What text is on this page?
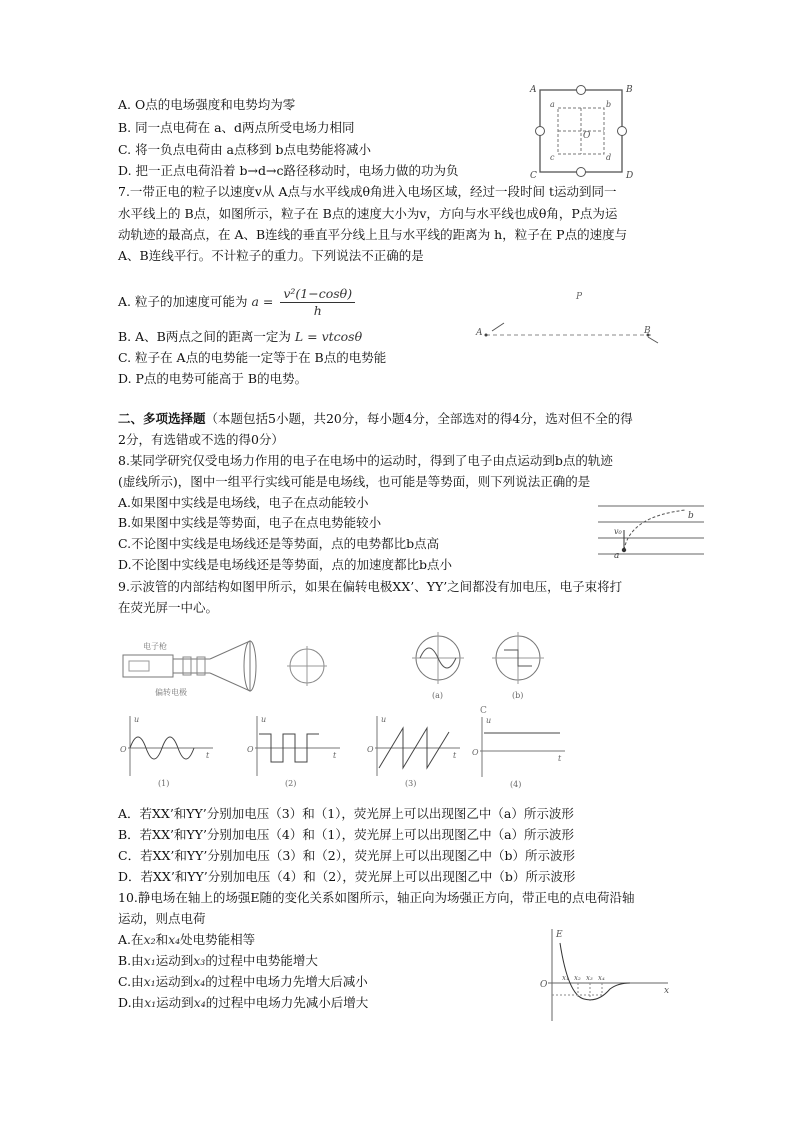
A. O点的电场强度和电势均为零
B. 同一点电荷在 a、d两点所受电场力相同
C. 将一负点电荷由 a点移到 b点电势能将减小
D. 把一正点电荷沿着 b→d→c路径移动时，电场力做的功为负
A	B
C	D
a	b
c	d
O
7.一带正电的粒子以速度v从 A点与水平线成θ角进入电场区域，经过一段时间 t运动到同一
水平线上的 B点，如图所示，粒子在 B点的速度大小为v，方向与水平线也成θ角，P点为运
动轨迹的最高点，在 A、B连线的垂直平分线上且与水平线的距离为 h，粒子在 P点的速度与
A、B连线平行。不计粒子的重力。下列说法不正确的是
A. 粒子的加速度可能为 $a = \frac{\text{v²(1−cosθ)}}{h}$
B. A、B两点之间的距离一定为 L = vtcosθ
C. 粒子在 A点的电势能一定等于在 B点的电势能
D. P点的电势可能高于 B的电势。
P
A	B
二、多项选择题（本题包括5小题，共20分，每小题4分，全部选对的得4分，选对但不全的得
2分，有选错或不选的得0分）
8.某同学研究仅受电场力作用的电子在电场中的运动时，得到了电子由点运动到b点的轨迹
(虚线所示)，图中一组平行实线可能是电场线，也可能是等势面，则下列说法正确的是
A.如果图中实线是电场线，电子在点动能较小
B.如果图中实线是等势面，电子在点电势能较小
C.不论图中实线是电场线还是等势面，点的电势都比b点高
D.不论图中实线是电场线还是等势面，点的加速度都比b点小
a
b
v₀
9.示波管的内部结构如图甲所示，如果在偏转电极XX’、YY’之间都没有加电压，电子束将打
在荧光屏一中心。
电子枪
偏转电极	(a)	(b)
u
O
t
(1)
u
O
t
(2)
u
O
t
(3)
C
u
O
t
(4)
A．若XX’和YY’分别加电压（3）和（1），荧光屏上可以出现图乙中（a）所示波形
B．若XX’和YY’分别加电压（4）和（1），荧光屏上可以出现图乙中（a）所示波形
C．若XX’和YY’分别加电压（3）和（2），荧光屏上可以出现图乙中（b）所示波形
D．若XX’和YY’分别加电压（4）和（2），荧光屏上可以出现图乙中（b）所示波形
10.静电场在轴上的场强E随的变化关系如图所示，轴正向为场强正方向，带正电的点电荷沿轴
运动，则点电荷
A.在x₂和x₄处电势能相等
B.由x₁运动到x₃的过程中电势能增大
C.由x₁运动到x₄的过程中电场力先增大后减小
D.由x₁运动到x₄的过程中电场力先减小后增大
E
O
x
x₁ x₂ x₃ x₄
